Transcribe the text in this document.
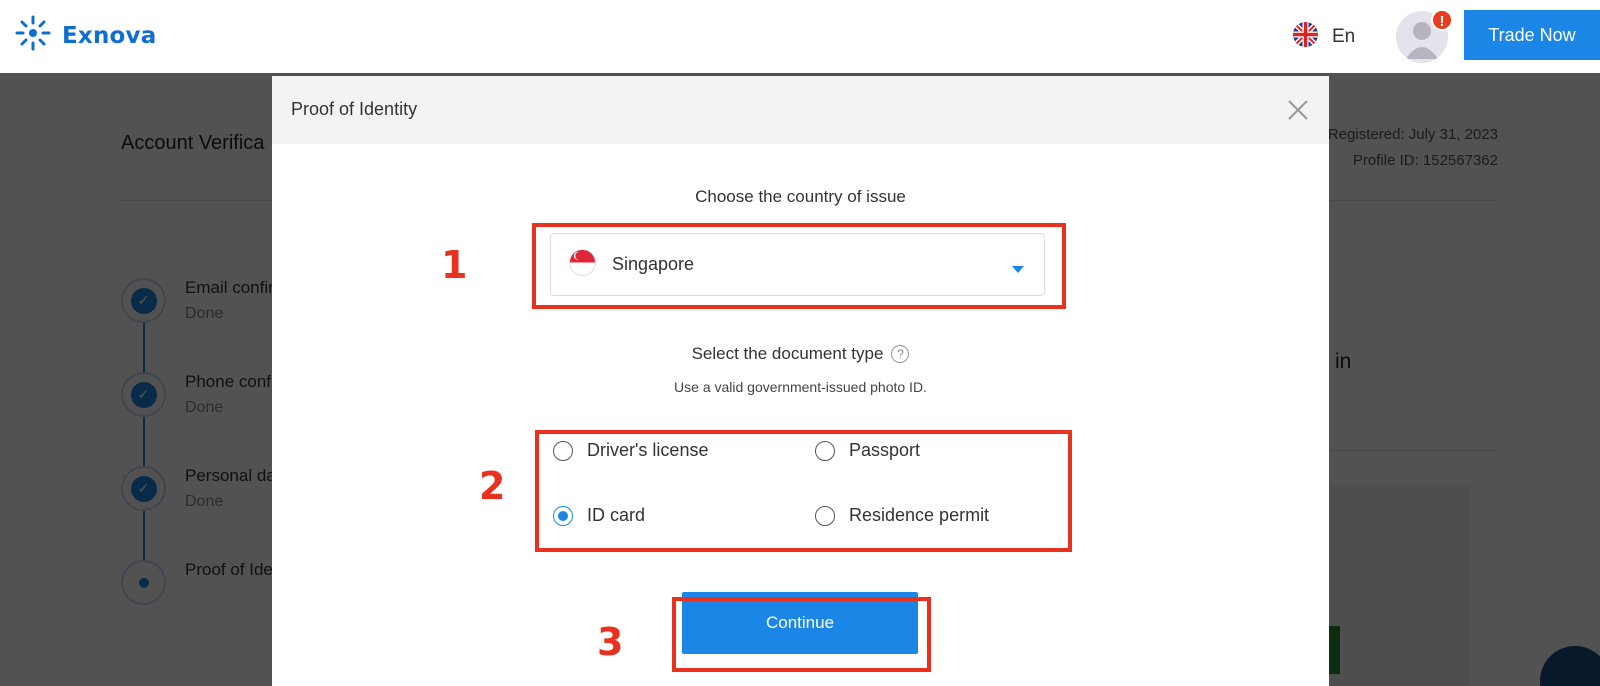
Exnova	En
!
Trade Now
Proof of Identity
Choose the country of issue
Singapore
Select the document type	?
Use a valid government-issued photo ID.
Driver's license	Passport
ID card	Residence permit
Continue
1
2
3
